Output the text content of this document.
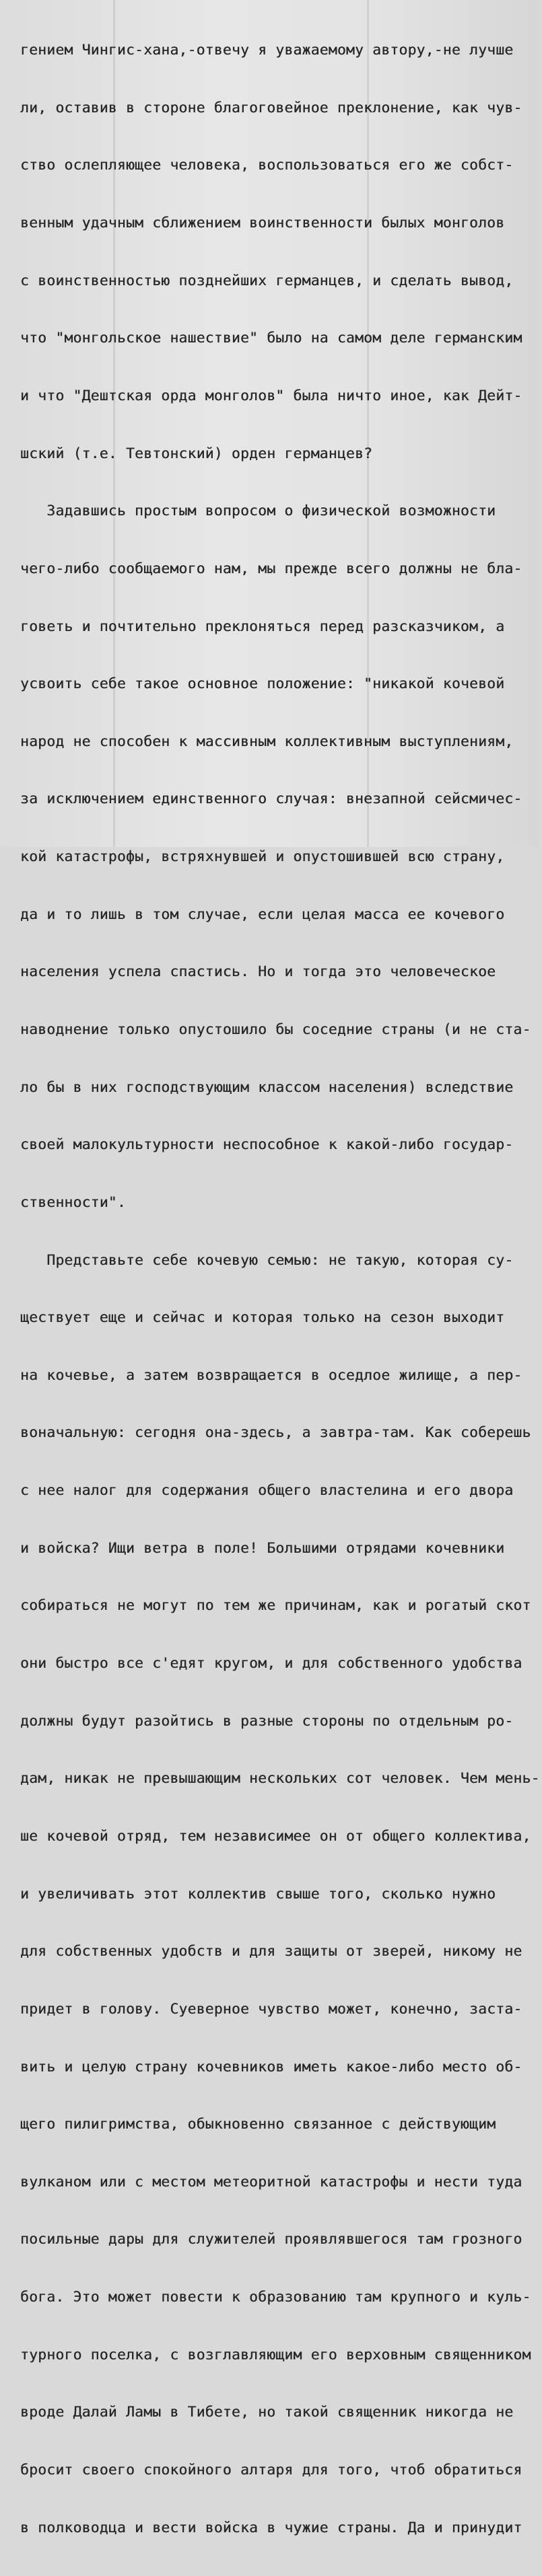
гением Чингис-хана,-отвечу я уважаемому автору,-не лучше

ли, оставив в стороне благоговейное преклонение, как чув-

ство ослепляющее человека, воспользоваться его же собст-

венным удачным сближением воинственности былых монголов

с воинственностью позднейших германцев, и сделать вывод,

что "монгольское нашествие" было на самом деле германским

и что "Дештская орда монголов" была ничто иное, как Дейт-

шский (т.е. Тевтонский) орден германцев?

Задавшись простым вопросом о физической возможности

чего-либо сообщаемого нам, мы прежде всего должны не бла-

говеть и почтительно преклоняться перед разсказчиком, а

усвоить себе такое основное положение: "никакой кочевой

народ не способен к массивным коллективным выступлениям,

за исключением единственного случая: внезапной сейсмичес-

кой катастрофы, встряхнувшей и опустошившей всю страну,

да и то лишь в том случае, если целая масса ее кочевого

населения успела спастись. Но и тогда это человеческое

наводнение только опустошило бы соседние страны (и не ста-

ло бы в них господствующим классом населения) вследствие

своей малокультурности неспособное к какой-либо государ-

ственности".

Представьте себе кочевую семью: не такую, которая су-

ществует еще и сейчас и которая только на сезон выходит

на кочевье, а затем возвращается в оседлое жилище, а пер-

воначальную: сегодня она-здесь, а завтра-там. Как соберешь

с нее налог для содержания общего властелина и его двора

и войска? Ищи ветра в поле! Большими отрядами кочевники

собираться не могут по тем же причинам, как и рогатый скот

они быстро все с'едят кругом, и для собственного удобства

должны будут разойтись в разные стороны по отдельным ро-

дам, никак не превышающим нескольких сот человек. Чем мень-

ше кочевой отряд, тем независимее он от общего коллектива,

и увеличивать этот коллектив свыше того, сколько нужно

для собственных удобств и для защиты от зверей, никому не

придет в голову. Суеверное чувство может, конечно, заста-

вить и целую страну кочевников иметь какое-либо место об-

щего пилигримства, обыкновенно связанное с действующим

вулканом или с местом метеоритной катастрофы и нести туда

посильные дары для служителей проявлявшегося там грозного

бога. Это может повести к образованию там крупного и куль-

турного поселка, с возглавляющим его верховным священником

вроде Далай Ламы в Тибете, но такой священник никогда не

бросит своего спокойного алтаря для того, чтоб обратиться

в полководца и вести войска в чужие страны. Да и принудит
